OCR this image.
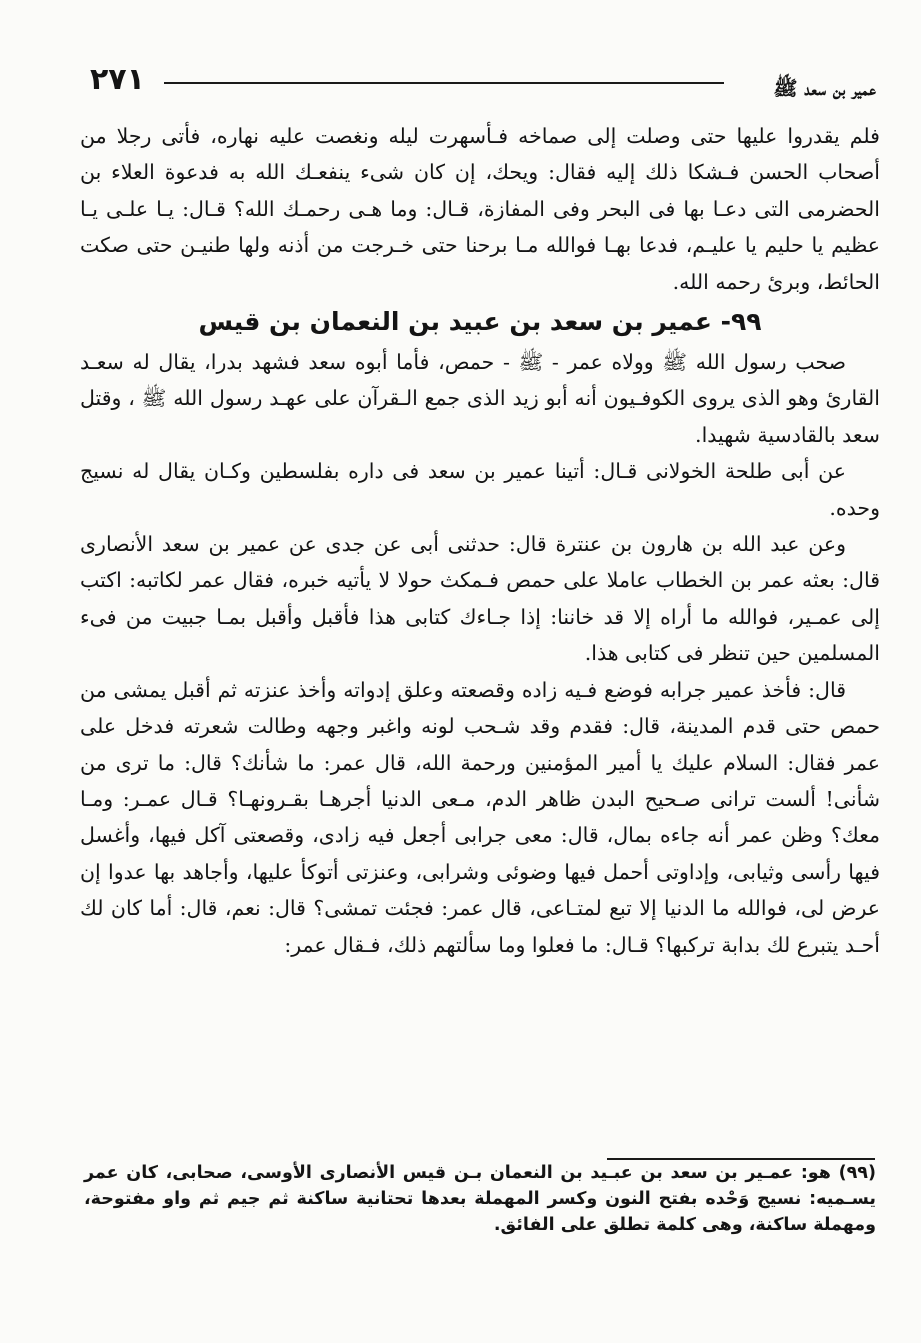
٢٧١	عمير بن سعد ﷺ

فلم يقدروا عليها حتى وصلت إلى صماخه فـأسهرت ليله ونغصت عليه نهاره، فأتى رجلا من أصحاب الحسن فـشكا ذلك إليه فقال: ويحك، إن كان شىء ينفعـك الله به فدعوة العلاء بن الحضرمى التى دعـا بها فى البحر وفى المفازة، قـال: وما هـى رحمـك الله؟ قـال: يـا علـى يـا عظيم يا حليم يا عليـم، فدعا بهـا فوالله مـا برحنا حتى خـرجت من أذنه ولها طنيـن حتى صكت الحائط، وبرئ رحمه الله.

٩٩- عمير بن سعد بن عبيد بن النعمان بن قيس

صحب رسول الله ﷺ وولاه عمر - ﷺ - حمص، فأما أبوه سعد فشهد بدرا، يقال له سعـد القارئ وهو الذى يروى الكوفـيون أنه أبو زيد الذى جمع الـقرآن على عهـد رسول الله ﷺ ، وقتل سعد بالقادسية شهيدا.

عن أبى طلحة الخولانى قـال: أتينا عمير بن سعد فى داره بفلسطين وكـان يقال له نسيج وحده.

وعن عبد الله بن هارون بن عنترة قال: حدثنى أبى عن جدى عن عمير بن سعد الأنصارى قال: بعثه عمر بن الخطاب عاملا على حمص فـمكث حولا لا يأتيه خبره، فقال عمر لكاتبه: اكتب إلى عمـير، فوالله ما أراه إلا قد خاننا: إذا جـاءك كتابى هذا فأقبل وأقبل بمـا جبيت من فىء المسلمين حين تنظر فى كتابى هذا.

قال: فأخذ عمير جرابه فوضع فـيه زاده وقصعته وعلق إدواته وأخذ عنزته ثم أقبل يمشى من حمص حتى قدم المدينة، قال: فقدم وقد شـحب لونه واغبر وجهه وطالت شعرته فدخل على عمر فقال: السلام عليك يا أمير المؤمنين ورحمة الله، قال عمر: ما شأنك؟ قال: ما ترى من شأنى! ألست ترانى صـحيح البدن ظاهر الدم، مـعى الدنيا أجرهـا بقـرونهـا؟ قـال عمـر: ومـا معك؟ وظن عمر أنه جاءه بمال، قال: معى جرابى أجعل فيه زادى، وقصعتى آكل فيها، وأغسل فيها رأسى وثيابى، وإداوتى أحمل فيها وضوئى وشرابى، وعنزتى أتوكأ عليها، وأجاهد بها عدوا إن عرض لى، فوالله ما الدنيا إلا تبع لمتـاعى، قال عمر: فجئت تمشى؟ قال: نعم، قال: أما كان لك أحـد يتبرع لك بدابة تركبها؟ قـال: ما فعلوا وما سألتهم ذلك، فـقال عمر:

(٩٩) هو: عمـير بن سعد بن عبـيد بن النعمان بـن قيس الأنصارى الأوسى، صحابى، كان عمر يسـميه: نسيج وَحْده بفتح النون وكسر المهملة بعدها تحتانية ساكنة ثم جيم ثم واو مفتوحة، ومهملة ساكنة، وهى كلمة تطلق على الفائق.
